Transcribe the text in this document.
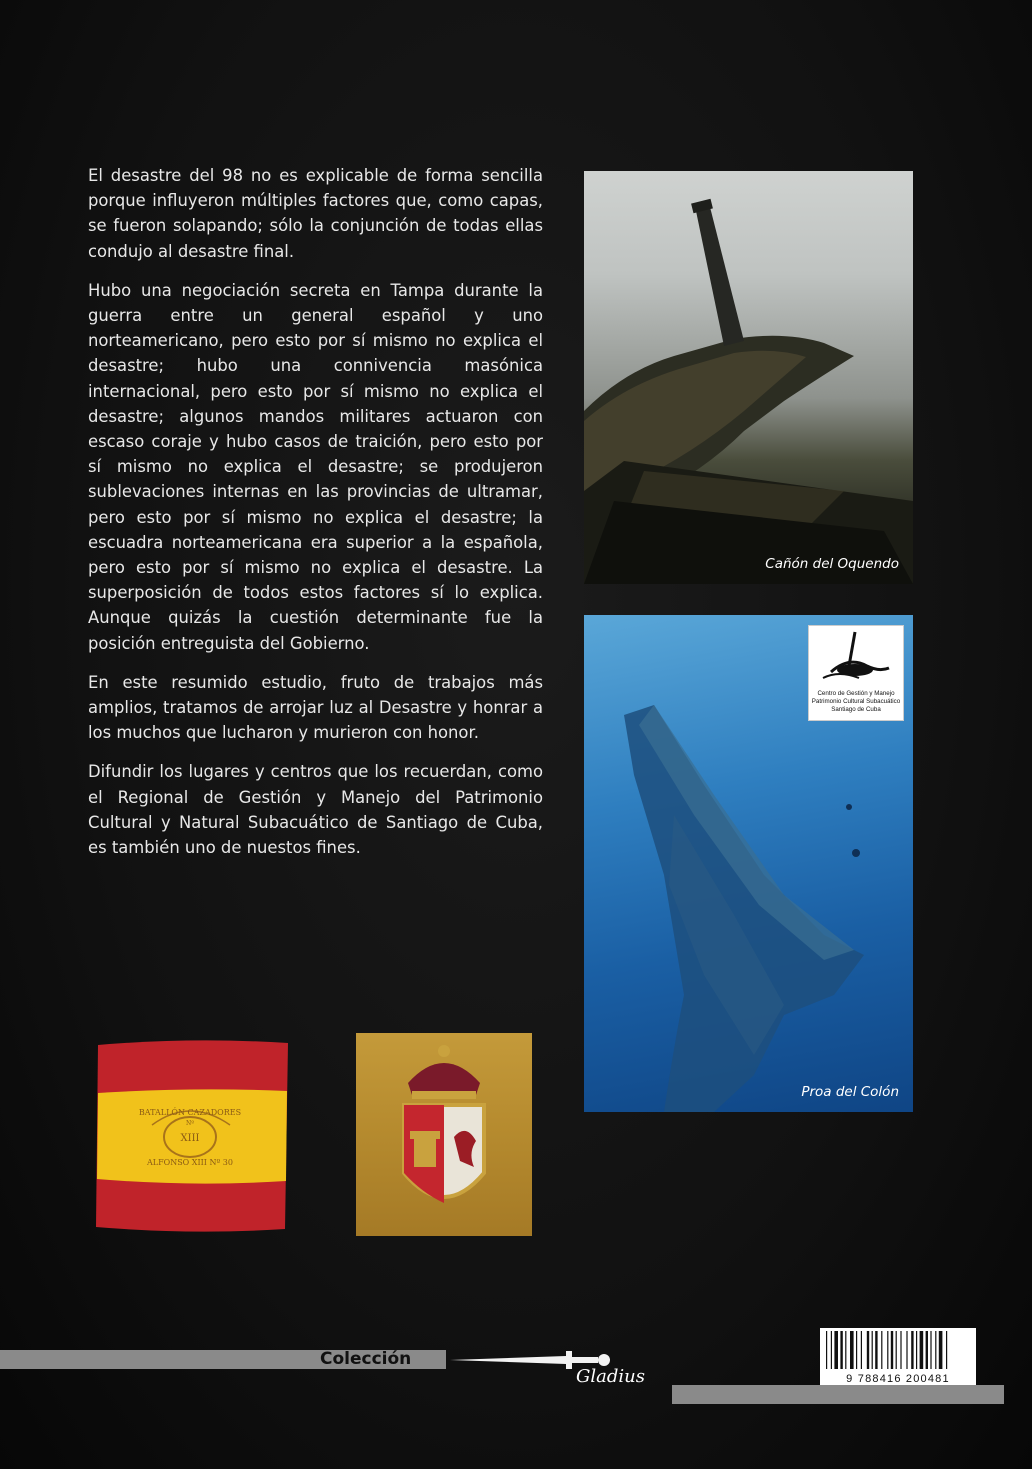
El desastre del 98 no es explicable de forma sencilla porque influyeron múltiples factores que, como capas, se fueron solapando; sólo la conjunción de todas ellas condujo al desastre final.

Hubo una negociación secreta en Tampa durante la guerra entre un general español y uno norteamericano, pero esto por sí mismo no explica el desastre; hubo una connivencia masónica internacional, pero esto por sí mismo no explica el desastre; algunos mandos militares actuaron con escaso coraje y hubo casos de traición, pero esto por sí mismo no explica el desastre; se produjeron sublevaciones internas en las provincias de ultramar, pero esto por sí mismo no explica el desastre; la escuadra norteamericana era superior a la española, pero esto por sí mismo no explica el desastre. La superposición de todos estos factores sí lo explica. Aunque quizás la cuestión determinante fue la posición entreguista del Gobierno.

En este resumido estudio, fruto de trabajos más amplios, tratamos de arrojar luz al Desastre y honrar a los muchos que lucharon y murieron con honor.

Difundir los lugares y centros que los recuerdan, como el Regional de Gestión y Manejo del Patrimonio Cultural y Natural Subacuático de Santiago de Cuba, es también uno de nuestos fines.

Cañón del Oquendo
Centro de Gestión y Manejo
Patrimonio Cultural Subacuático
Santiago de Cuba
Proa del Colón
BATALLÓN CAZADORES
Nº
XIII
ALFONSO XIII Nº 30
9 788416 200481
Colección
Gladius
